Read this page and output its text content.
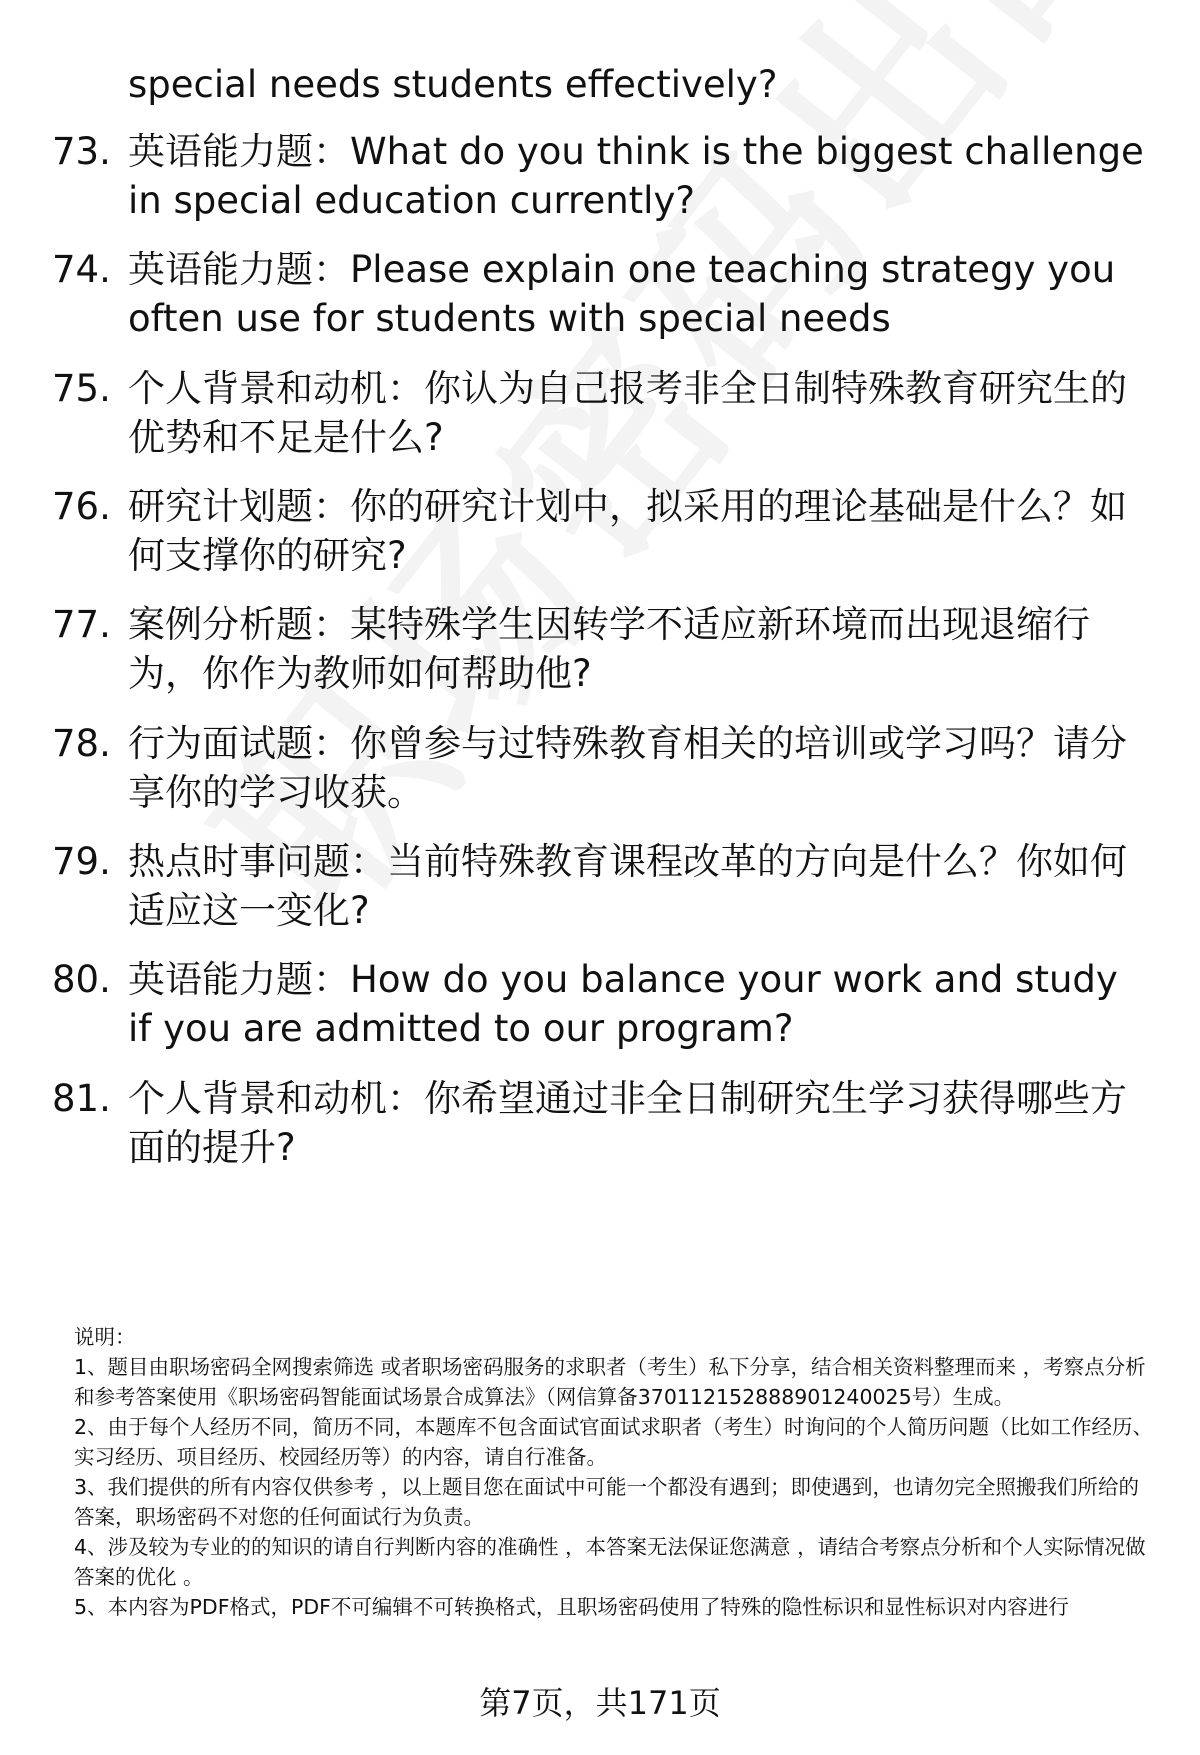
special needs students effectively?
73. 英语能力题：What do you think is the biggest challenge in special education currently?
74. 英语能力题：Please explain one teaching strategy you often use for students with special needs
75. 个人背景和动机：你认为自己报考非全日制特殊教育研究生的优势和不足是什么?
76. 研究计划题：你的研究计划中，拟采用的理论基础是什么？如何支撑你的研究?
77. 案例分析题：某特殊学生因转学不适应新环境而出现退缩行为，你作为教师如何帮助他?
78. 行为面试题：你曾参与过特殊教育相关的培训或学习吗？请分享你的学习收获。
79. 热点时事问题：当前特殊教育课程改革的方向是什么？你如何适应这一变化?
80. 英语能力题：How do you balance your work and study if you are admitted to our program?
81. 个人背景和动机：你希望通过非全日制研究生学习获得哪些方面的提升?
说明：
1、题目由职场密码全网搜索筛选 或者职场密码服务的求职者（考生）私下分享，结合相关资料整理而来 ，考察点分析和参考答案使用《职场密码智能面试场景合成算法》（网信算备370112152888901240025号）生成。
2、由于每个人经历不同，简历不同，本题库不包含面试官面试求职者（考生）时询问的个人简历问题（比如工作经历、实习经历、项目经历、校园经历等）的内容，请自行准备。
3、我们提供的所有内容仅供参考 ，以上题目您在面试中可能一个都没有遇到；即使遇到，也请勿完全照搬我们所给的答案，职场密码不对您的任何面试行为负责。
4、涉及较为专业的的知识的请自行判断内容的准确性 ，本答案无法保证您满意 ，请结合考察点分析和个人实际情况做答案的优化 。
5、本内容为PDF格式，PDF不可编辑不可转换格式，且职场密码使用了特殊的隐性标识和显性标识对内容进行
第7页，共171页
